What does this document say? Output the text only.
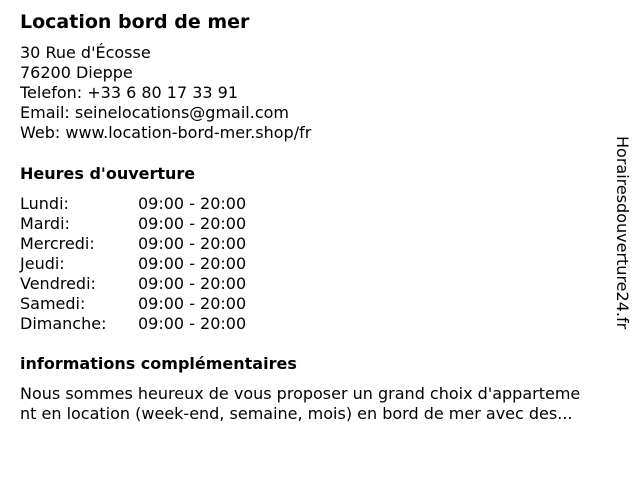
Location bord de mer
30 Rue d'Écosse
76200 Dieppe
Telefon: +33 6 80 17 33 91
Email: seinelocations@gmail.com
Web: www.location-bord-mer.shop/fr
Heures d'ouverture
Lundi:	09:00 - 20:00
Mardi:	09:00 - 20:00
Mercredi:	09:00 - 20:00
Jeudi:	09:00 - 20:00
Vendredi:	09:00 - 20:00
Samedi:	09:00 - 20:00
Dimanche: 09:00 - 20:00
informations complémentaires
Nous sommes heureux de vous proposer un grand choix d'apparteme
nt en location (week-end, semaine, mois) en bord de mer avec des...
Horairesdouverture24.fr
